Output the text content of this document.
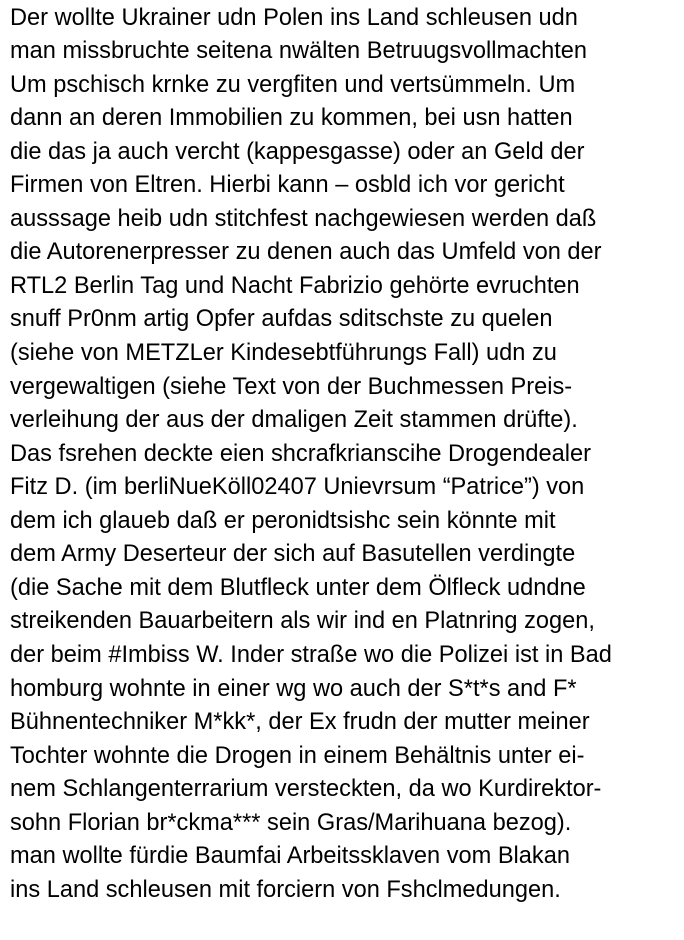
Der wollte Ukrainer udn Polen ins Land schleusen udn
man missbruchte seitena nwälten Betruugsvollmachten
Um pschisch krnke zu vergfiten und vertsümmeln. Um
dann an deren Immobilien zu kommen, bei usn hatten
die das ja auch vercht (kappesgasse) oder an Geld der
Firmen von Eltren. Hierbi kann – osbld ich vor gericht
ausssage heib udn stitchfest nachgewiesen werden daß
die Autorenerpresser zu denen auch das Umfeld von der
RTL2 Berlin Tag und Nacht Fabrizio gehörte evruchten
snuff Pr0nm artig Opfer aufdas sditschste zu quelen
(siehe von METZLer Kindesebtführungs Fall) udn zu
vergewaltigen (siehe Text von der Buchmessen Preis-
verleihung der aus der dmaligen Zeit stammen drüfte).
Das fsrehen deckte eien shcrafkrianscihe Drogendealer
Fitz D. (im berliNueKöll02407 Unievrsum “Patrice”) von
dem ich glaueb daß er peronidtsishc sein könnte mit
dem Army Deserteur der sich auf Basutellen verdingte
(die Sache mit dem Blutfleck unter dem Ölfleck udndne
streikenden Bauarbeitern als wir ind en Platnring zogen,
der beim #Imbiss W. Inder straße wo die Polizei ist in Bad
homburg wohnte in einer wg wo auch der S*t*s and F*
Bühnentechniker M*kk*, der Ex frudn der mutter meiner
Tochter wohnte die Drogen in einem Behältnis unter ei-
nem Schlangenterrarium versteckten, da wo Kurdirektor-
sohn Florian br*ckma*** sein Gras/Marihuana bezog).
man wollte fürdie Baumfai Arbeitssklaven vom Blakan
ins Land schleusen mit forciern von Fshclmedungen.
